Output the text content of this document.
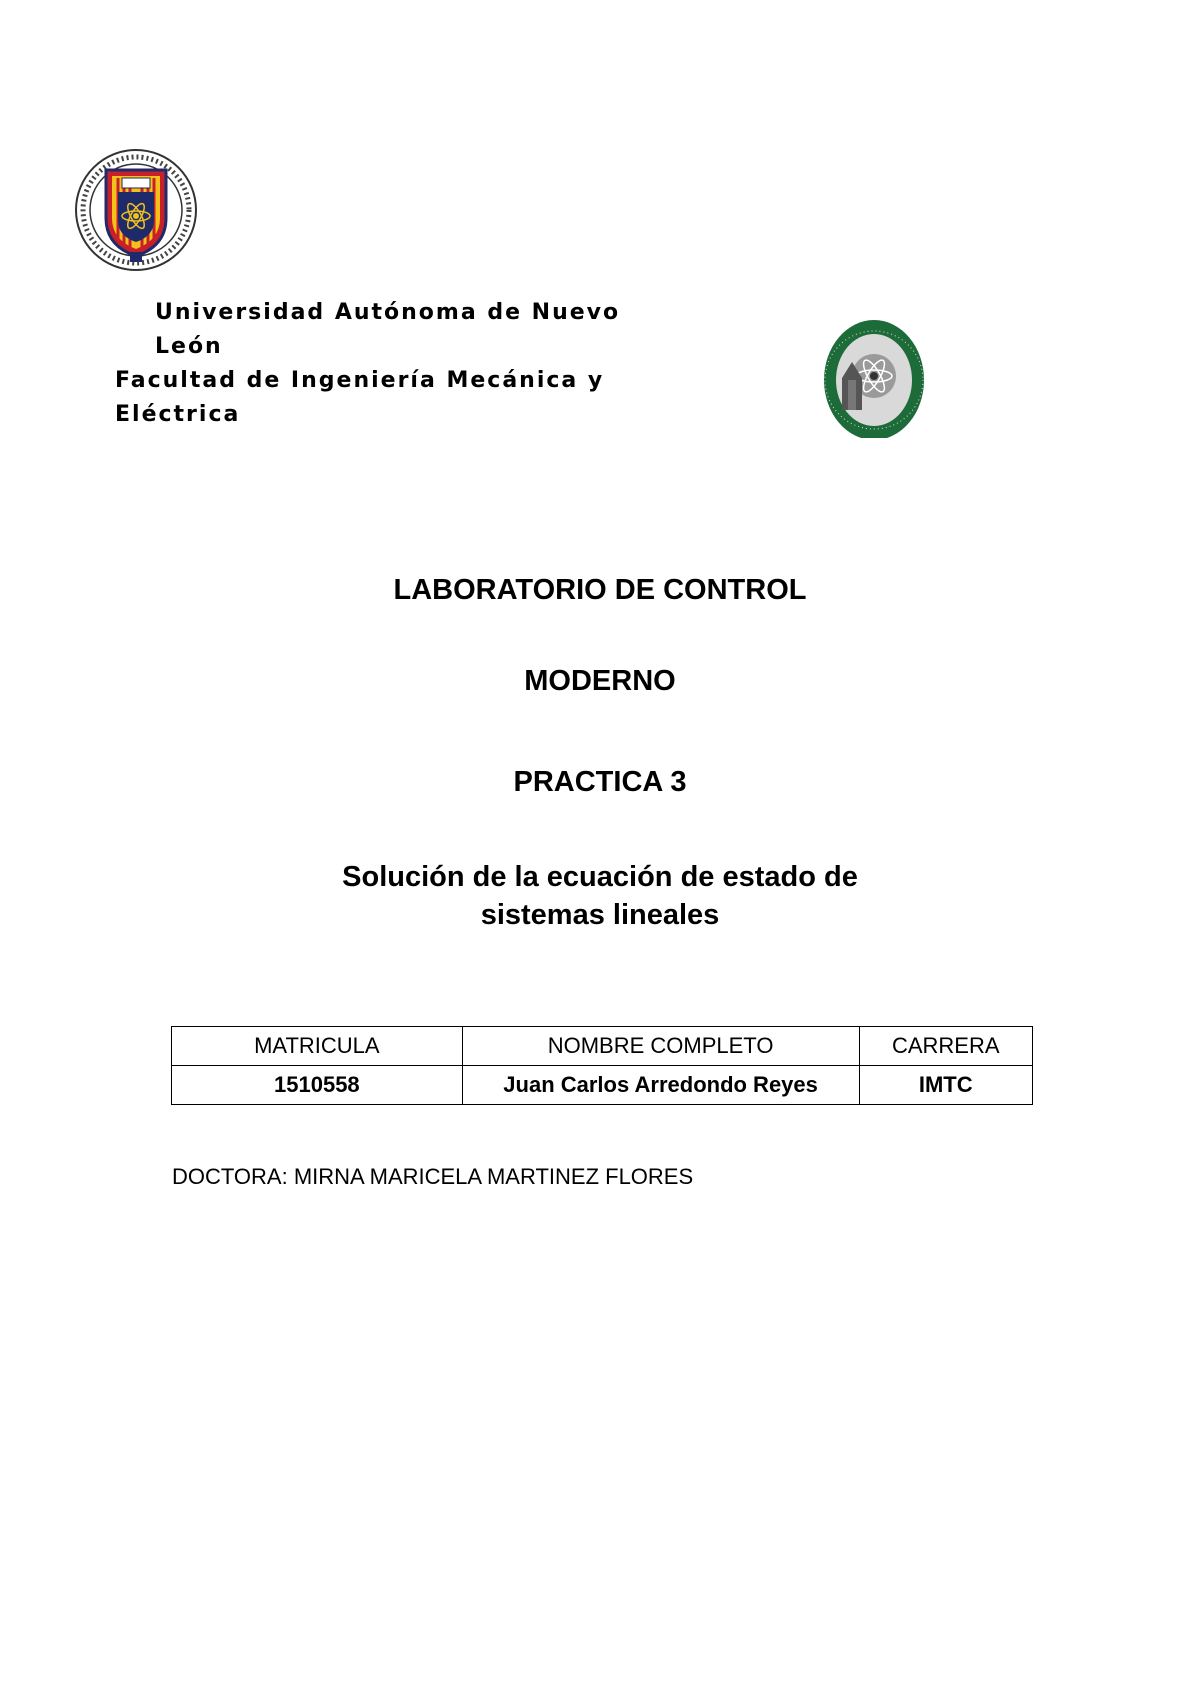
Universidad Autónoma de Nuevo León
Facultad de Ingeniería Mecánica y
Eléctrica
LABORATORIO DE CONTROL
MODERNO
PRACTICA 3
Solución de la ecuación de estado de
sistemas lineales
MATRICULA	NOMBRE COMPLETO	CARRERA
1510558	Juan Carlos Arredondo Reyes	IMTC
DOCTORA: MIRNA MARICELA MARTINEZ FLORES
